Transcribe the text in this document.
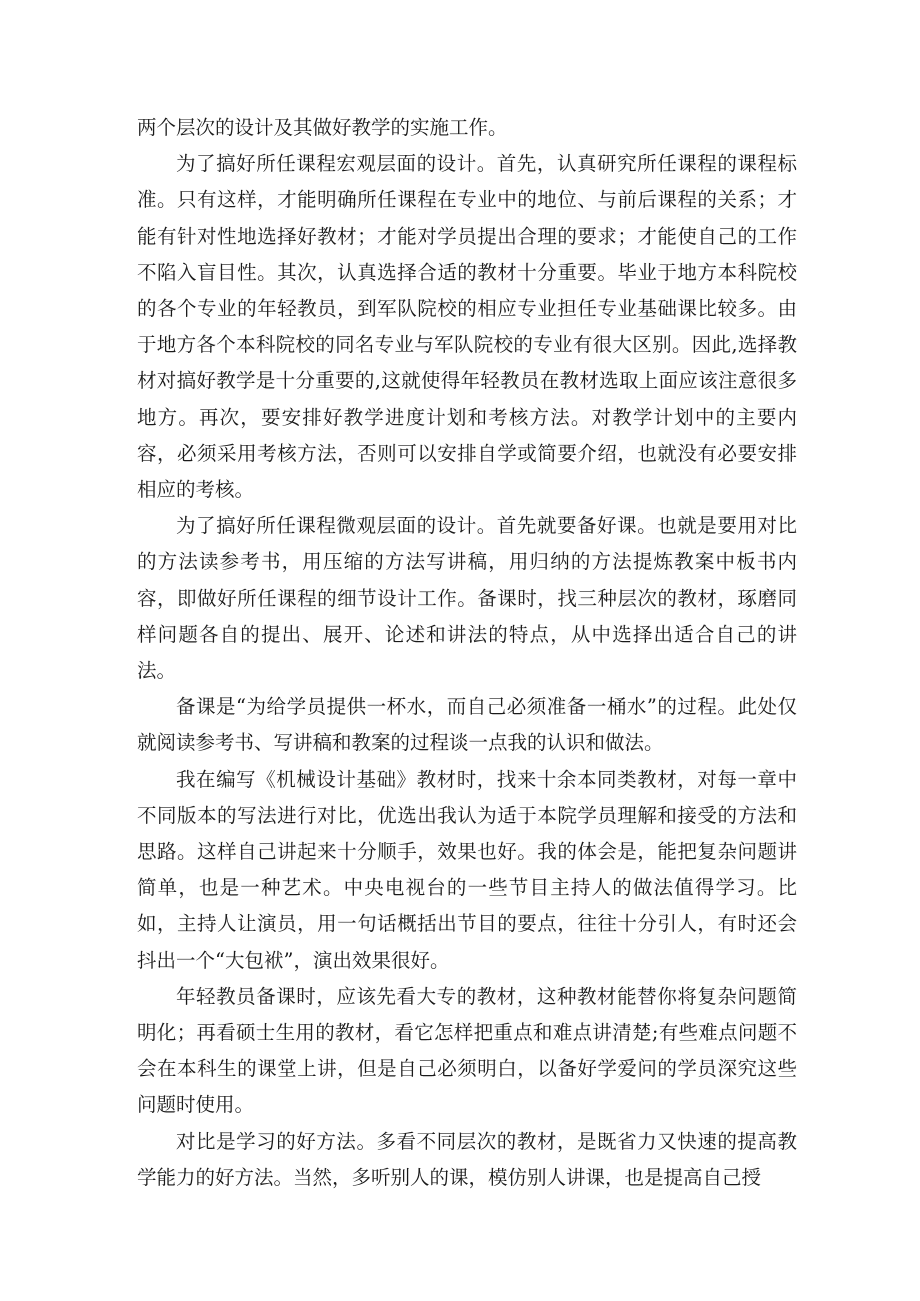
两个层次的设计及其做好教学的实施工作。

为了搞好所任课程宏观层面的设计。首先，认真研究所任课程的课程标准。只有这样，才能明确所任课程在专业中的地位、与前后课程的关系；才能有针对性地选择好教材；才能对学员提出合理的要求；才能使自己的工作不陷入盲目性。其次，认真选择合适的教材十分重要。毕业于地方本科院校的各个专业的年轻教员，到军队院校的相应专业担任专业基础课比较多。由于地方各个本科院校的同名专业与军队院校的专业有很大区别。因此,选择教材对搞好教学是十分重要的,这就使得年轻教员在教材选取上面应该注意很多地方。再次，要安排好教学进度计划和考核方法。对教学计划中的主要内容，必须采用考核方法，否则可以安排自学或简要介绍，也就没有必要安排相应的考核。

为了搞好所任课程微观层面的设计。首先就要备好课。也就是要用对比的方法读参考书，用压缩的方法写讲稿，用归纳的方法提炼教案中板书内容，即做好所任课程的细节设计工作。备课时，找三种层次的教材，琢磨同样问题各自的提出、展开、论述和讲法的特点，从中选择出适合自己的讲法。

备课是“为给学员提供一杯水，而自己必须准备一桶水”的过程。此处仅就阅读参考书、写讲稿和教案的过程谈一点我的认识和做法。

我在编写《机械设计基础》教材时，找来十余本同类教材，对每一章中不同版本的写法进行对比，优选出我认为适于本院学员理解和接受的方法和思路。这样自己讲起来十分顺手，效果也好。我的体会是，能把复杂问题讲简单，也是一种艺术。中央电视台的一些节目主持人的做法值得学习。比如，主持人让演员，用一句话概括出节目的要点，往往十分引人，有时还会抖出一个“大包袱”，演出效果很好。

年轻教员备课时，应该先看大专的教材，这种教材能替你将复杂问题简明化；再看硕士生用的教材，看它怎样把重点和难点讲清楚;有些难点问题不会在本科生的课堂上讲，但是自己必须明白，以备好学爱问的学员深究这些问题时使用。

对比是学习的好方法。多看不同层次的教材，是既省力又快速的提高教学能力的好方法。当然，多听别人的课，模仿别人讲课，也是提高自己授
